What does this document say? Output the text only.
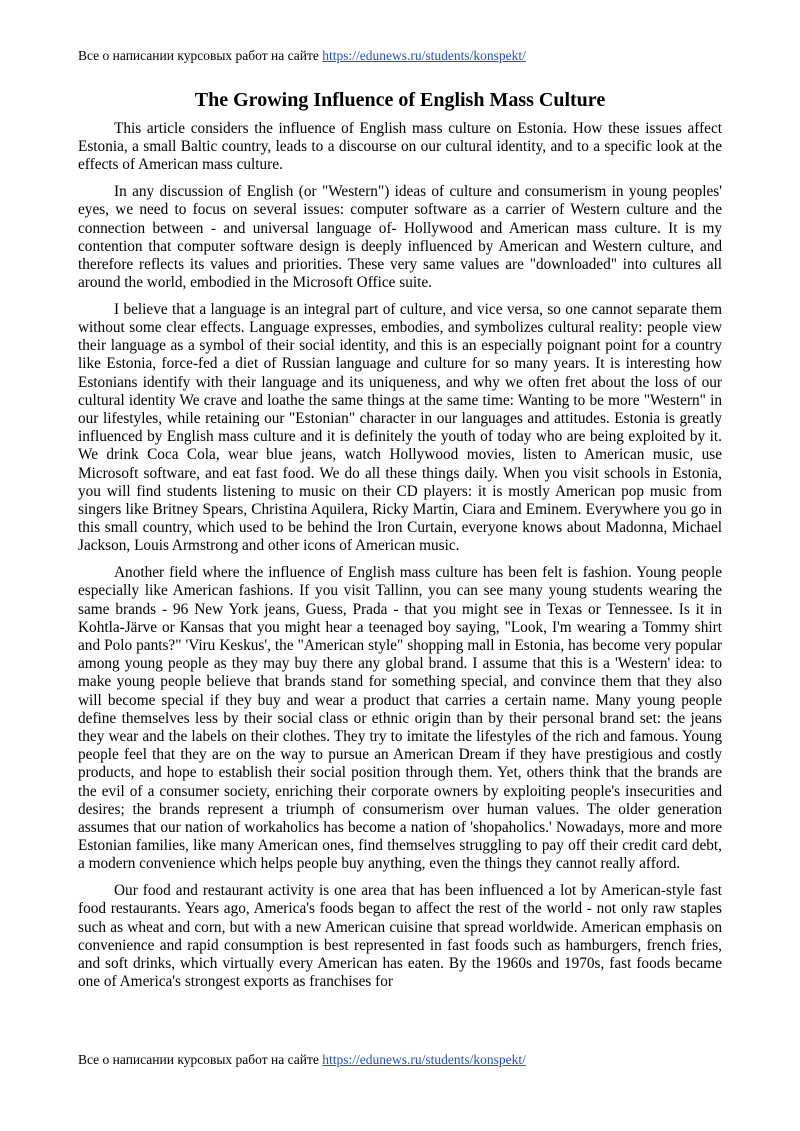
Все о написании курсовых работ на сайте https://edunews.ru/students/konspekt/
The Growing Influence of English Mass Culture

This article considers the influence of English mass culture on Estonia. How these issues affect Estonia, a small Baltic country, leads to a discourse on our cultural identity, and to a specific look at the effects of American mass culture.

In any discussion of English (or "Western") ideas of culture and consumerism in young peoples' eyes, we need to focus on several issues: computer software as a carrier of Western culture and the connection between - and universal language of- Hollywood and American mass culture. It is my contention that computer software design is deeply influenced by American and Western culture, and therefore reflects its values and priorities. These very same values are "downloaded" into cultures all around the world, embodied in the Microsoft Office suite.

I believe that a language is an integral part of culture, and vice versa, so one cannot separate them without some clear effects. Language expresses, embodies, and symbolizes cultural reality: people view their language as a symbol of their social identity, and this is an especially poignant point for a country like Estonia, force-fed a diet of Russian language and culture for so many years. It is interesting how Estonians identify with their language and its uniqueness, and why we often fret about the loss of our cultural identity We crave and loathe the same things at the same time: Wanting to be more "Western" in our lifestyles, while retaining our "Estonian" character in our languages and attitudes. Estonia is greatly influenced by English mass culture and it is definitely the youth of today who are being exploited by it. We drink Coca Cola, wear blue jeans, watch Hollywood movies, listen to American music, use Microsoft software, and eat fast food. We do all these things daily. When you visit schools in Estonia, you will find students listening to music on their CD players: it is mostly American pop music from singers like Britney Spears, Christina Aquilera, Ricky Martin, Ciara and Eminem. Everywhere you go in this small country, which used to be behind the Iron Curtain, everyone knows about Madonna, Michael Jackson, Louis Armstrong and other icons of American music.

Another field where the influence of English mass culture has been felt is fashion. Young people especially like American fashions. If you visit Tallinn, you can see many young students wearing the same brands - 96 New York jeans, Guess, Prada - that you might see in Texas or Tennessee. Is it in Kohtla-Järve or Kansas that you might hear a teenaged boy saying, "Look, I'm wearing a Tommy shirt and Polo pants?" 'Viru Keskus', the "American style" shopping mall in Estonia, has become very popular among young people as they may buy there any global brand. I assume that this is a 'Western' idea: to make young people believe that brands stand for something special, and convince them that they also will become special if they buy and wear a product that carries a certain name. Many young people define themselves less by their social class or ethnic origin than by their personal brand set: the jeans they wear and the labels on their clothes. They try to imitate the lifestyles of the rich and famous. Young people feel that they are on the way to pursue an American Dream if they have prestigious and costly products, and hope to establish their social position through them. Yet, others think that the brands are the evil of a consumer society, enriching their corporate owners by exploiting people's insecurities and desires; the brands represent a triumph of consumerism over human values. The older generation assumes that our nation of workaholics has become a nation of 'shopaholics.' Nowadays, more and more Estonian families, like many American ones, find themselves struggling to pay off their credit card debt, a modern convenience which helps people buy anything, even the things they cannot really afford.

Our food and restaurant activity is one area that has been influenced a lot by American-style fast food restaurants. Years ago, America's foods began to affect the rest of the world - not only raw staples such as wheat and corn, but with a new American cuisine that spread worldwide. American emphasis on convenience and rapid consumption is best represented in fast foods such as hamburgers, french fries, and soft drinks, which virtually every American has eaten. By the 1960s and 1970s, fast foods became one of America's strongest exports as franchises for

Все о написании курсовых работ на сайте https://edunews.ru/students/konspekt/
